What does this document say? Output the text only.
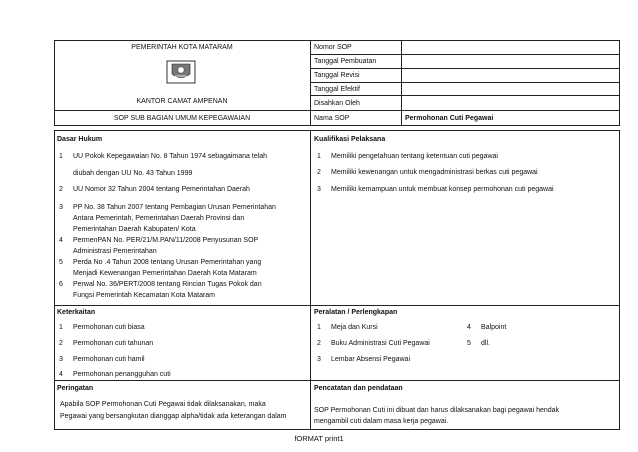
PEMERINTAH KOTA MATARAM
KANTOR CAMAT AMPENAN
SOP SUB BAGIAN UMUM KEPEGAWAIAN
Nomor SOP
Tanggal Pembuatan
Tanggal Revisi
Tanggal Efektif
Disahkan Oleh
Nama SOP	Permohonan Cuti Pegawai
Dasar Hukum
1	UU Pokok Kepegawaian No. 8 Tahun 1974 sebagaimana telah
diubah dengan UU No. 43 Tahun 1999
2	UU Nomor 32 Tahun 2004 tentang Pemerintahan Daerah
3	PP No. 38 Tahun 2007 tentang Pembagian Urusan Pemerintahan
Antara Pemerintah, Pemerintahan Daerah Provinsi dan
Pemerintahan Daerah Kabupaten/ Kota
4	PermenPAN No. PER/21/M.PAN/11/2008 Penyusunan SOP
Administrasi Pemerintahan
5	Perda No .4 Tahun 2008 tentang Urusan Pemerintahan yang
Menjadi Kewenangan Pemerintahan Daerah Kota Mataram
6	Perwal No. 36/PERT/2008 tentang Rincian Tugas Pokok dan
Fungsi Pemerintah Kecamatan Kota Mataram
Kualifikasi Pelaksana
1	Memiliki pengetahuan tentang ketentuan cuti pegawai
2	Memiliki kewenangan untuk mengadministrasi berkas cuti pegawai
3	Memiliki kemampuan untuk membuat konsep permohonan cuti pegawai
Keterkaitan
1	Permohonan cuti biasa
2	Permohonan cuti tahunan
3	Permohonan cuti hamil
4	Permohonan penangguhan cuti
Peralatan / Perlengkapan
1	Meja dan Kursi
2	Buku Administrasi Cuti Pegawai
3	Lembar Absensi Pegawai
4	Balpoint
5	dll.
Peringatan
Apabila SOP Permohonan Cuti Pegawai tidak dilaksanakan, maka
Pegawai yang bersangkutan dianggap alpha/tidak ada keterangan dalam
Pencatatan dan pendataan
SOP Permohonan Cuti ini dibuat dan harus dilaksanakan bagi pegawai hendak
mengambil cuti dalam masa kerja pegawai.
fORMAT print1
